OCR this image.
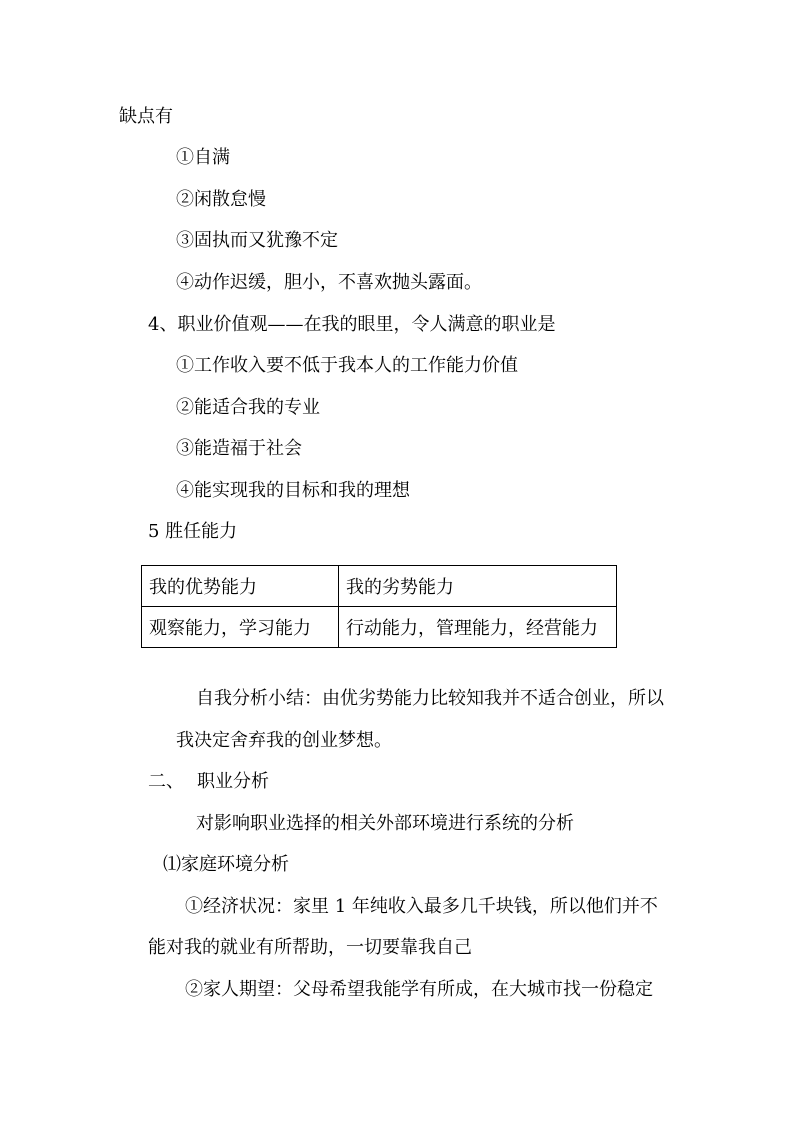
缺点有
①自满
②闲散怠慢
③固执而又犹豫不定
④动作迟缓，胆小，不喜欢抛头露面。
4、职业价值观——在我的眼里，令人满意的职业是
①工作收入要不低于我本人的工作能力价值
②能适合我的专业
③能造福于社会
④能实现我的目标和我的理想
5 胜任能力
我的优势能力	我的劣势能力
观察能力，学习能力	行动能力，管理能力，经营能力
自我分析小结：由优劣势能力比较知我并不适合创业，所以
我决定舍弃我的创业梦想。
二、 职业分析
对影响职业选择的相关外部环境进行系统的分析
⑴家庭环境分析
①经济状况：家里 1 年纯收入最多几千块钱，所以他们并不
能对我的就业有所帮助，一切要靠我自己
②家人期望：父母希望我能学有所成，在大城市找一份稳定
